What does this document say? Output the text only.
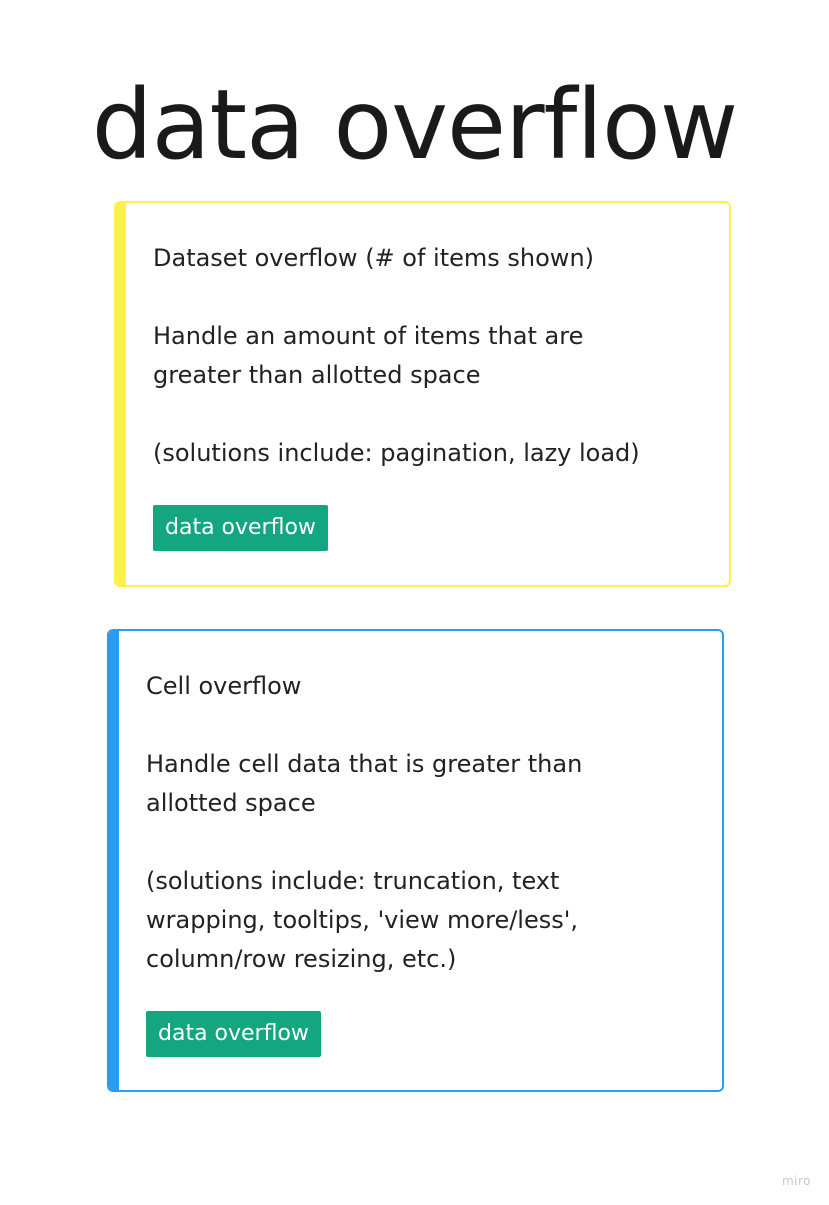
data overflow

Dataset overflow (# of items shown)

Handle an amount of items that are greater than allotted space

(solutions include: pagination, lazy load)

data overflow

Cell overflow

Handle cell data that is greater than allotted space

(solutions include: truncation, text wrapping, tooltips, 'view more/less', column/row resizing, etc.)

data overflow
miro
